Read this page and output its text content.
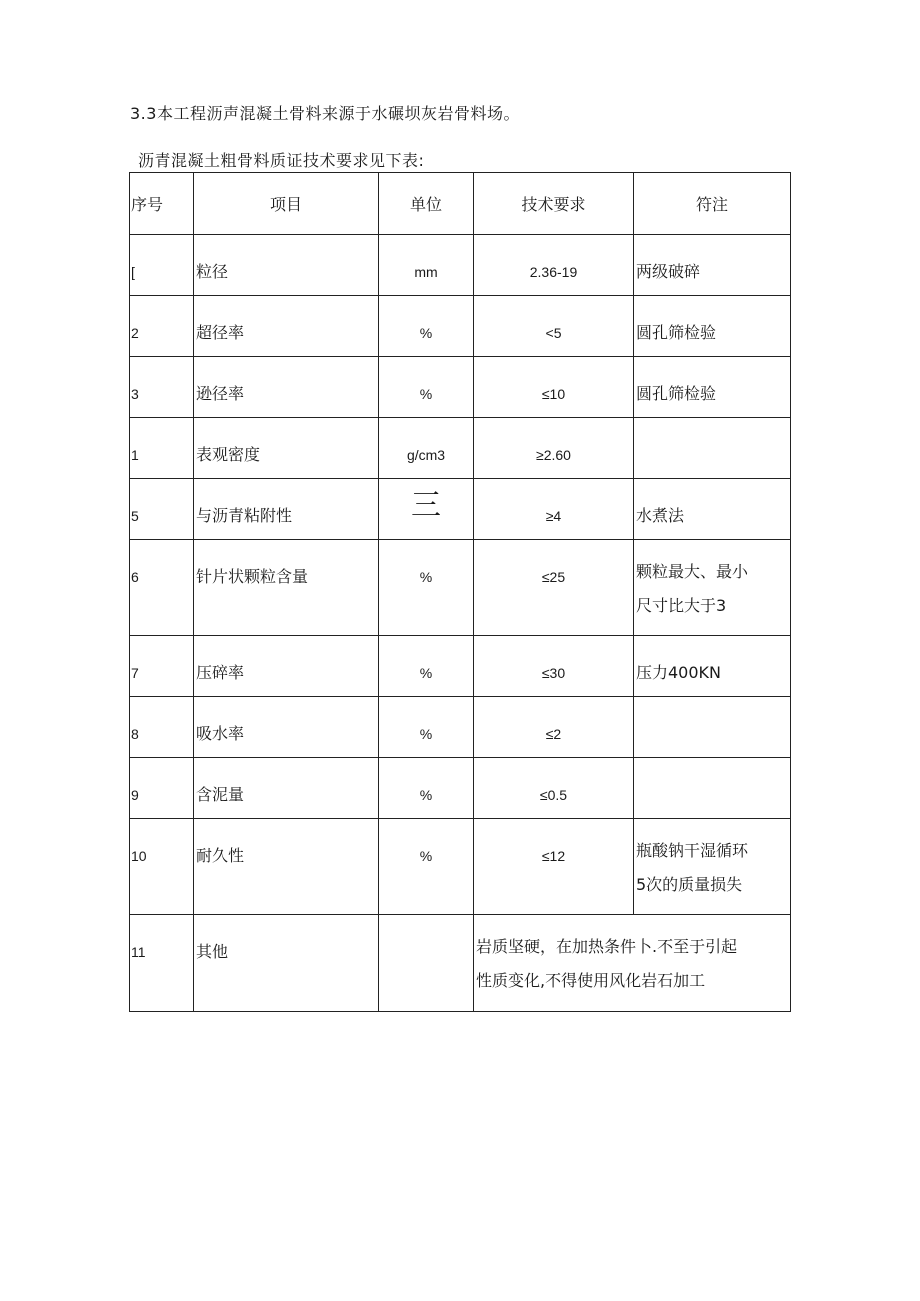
3.3本工程沥声混凝土骨料来源于水碾坝灰岩骨料场。
沥青混凝土粗骨料质证技术要求见下表:
序号	项目	单位	技术要求	符注

[	粒径	mm	2.36-19	两级破碎

2	超径率	%	<5	圆孔筛检验

3	逊径率	%	≤10	圆孔筛检验

1	表观密度	g/cm3	≥2.60	

5	与沥青粘附性	三	≥4	水煮法

6	针片状颗粒含量	%	≤25	颗粒最大、最小
尺寸比大于3

7	压碎率	%	≤30	压力400KN

8	吸水率	%	≤2	

9	含泥量	%	≤0.5	

10	耐久性	%	≤12	瓶酸钠干湿循环
5次的质量损失

11	其他		岩质坚硬，在加热条件卜.不至于引起
性质变化,不得使用风化岩石加工	
